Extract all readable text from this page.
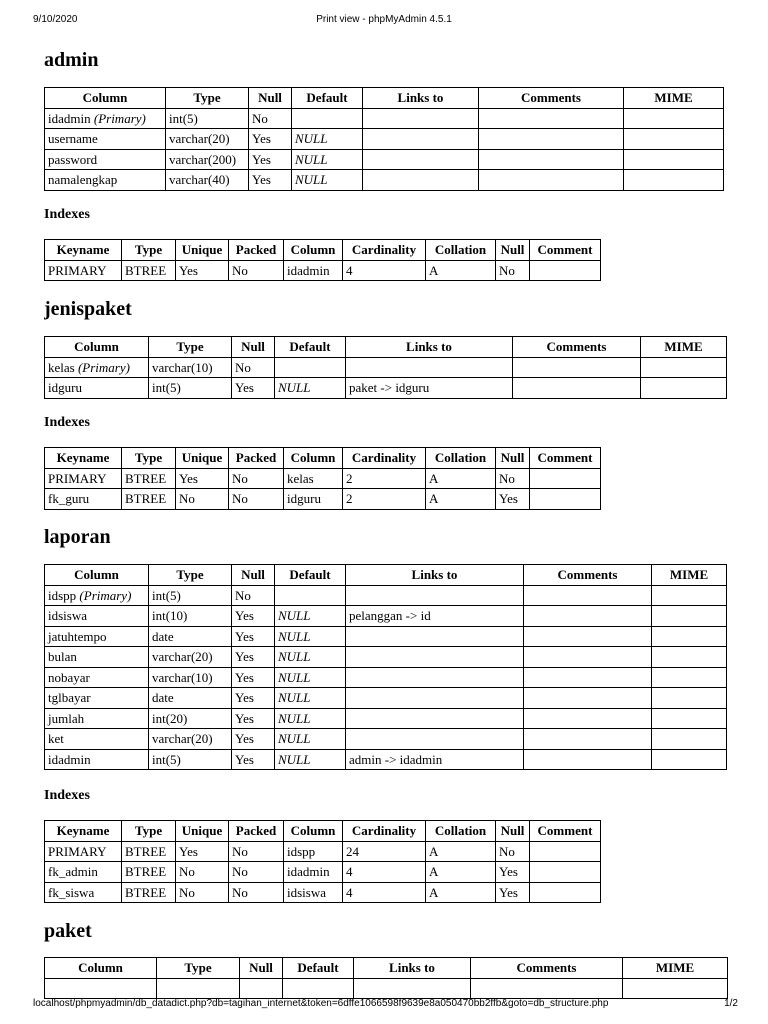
9/10/2020	Print view - phpMyAdmin 4.5.1
admin
Column	Type	Null	Default	Links to	Comments	MIME
idadmin (Primary)	int(5)	No				
username	varchar(20)	Yes	NULL			
password	varchar(200)	Yes	NULL			
namalengkap	varchar(40)	Yes	NULL			
Indexes
Keyname	Type	Unique	Packed	Column	Cardinality	Collation	Null	Comment
PRIMARY	BTREE	Yes	No	idadmin	4	A	No	
jenispaket
Column	Type	Null	Default	Links to	Comments	MIME
kelas (Primary)	varchar(10)	No				
idguru	int(5)	Yes	NULL	paket -> idguru		
Indexes
Keyname	Type	Unique	Packed	Column	Cardinality	Collation	Null	Comment
PRIMARY	BTREE	Yes	No	kelas	2	A	No	
fk_guru	BTREE	No	No	idguru	2	A	Yes	
laporan
Column	Type	Null	Default	Links to	Comments	MIME
idspp (Primary)	int(5)	No				
idsiswa	int(10)	Yes	NULL	pelanggan -> id		
jatuhtempo	date	Yes	NULL			
bulan	varchar(20)	Yes	NULL			
nobayar	varchar(10)	Yes	NULL			
tglbayar	date	Yes	NULL			
jumlah	int(20)	Yes	NULL			
ket	varchar(20)	Yes	NULL			
idadmin	int(5)	Yes	NULL	admin -> idadmin		
Indexes
Keyname	Type	Unique	Packed	Column	Cardinality	Collation	Null	Comment
PRIMARY	BTREE	Yes	No	idspp	24	A	No	
fk_admin	BTREE	No	No	idadmin	4	A	Yes	
fk_siswa	BTREE	No	No	idsiswa	4	A	Yes	
paket
Column	Type	Null	Default	Links to	Comments	MIME

localhost/phpmyadmin/db_datadict.php?db=tagihan_internet&token=6dffe1066598f9639e8a050470bb2ffb&goto=db_structure.php	1/2
